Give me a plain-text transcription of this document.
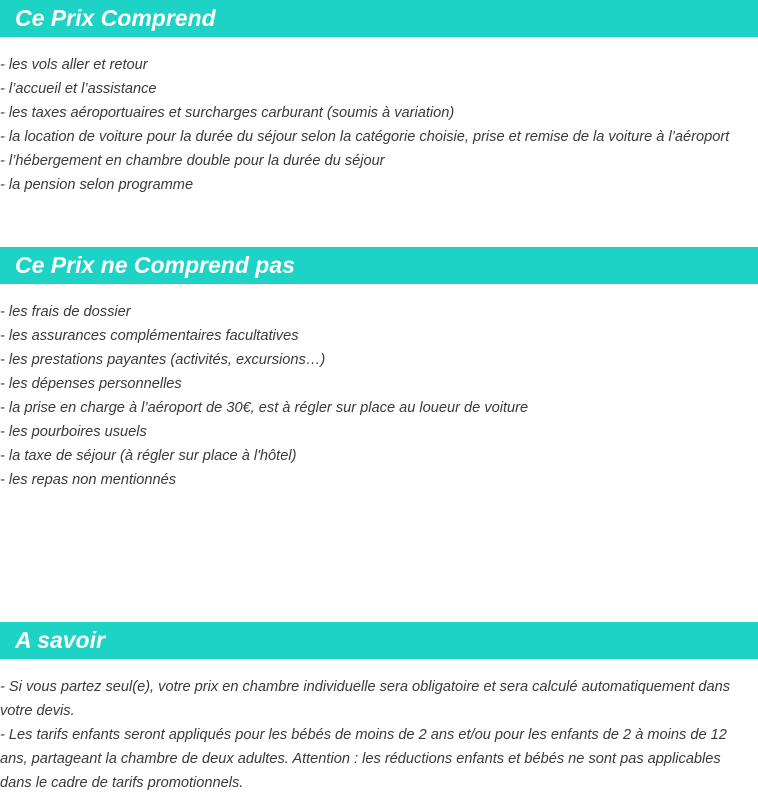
Ce Prix Comprend
- les vols aller et retour
- l’accueil et l’assistance
- les taxes aéroportuaires et surcharges carburant (soumis à variation)
- la location de voiture pour la durée du séjour selon la catégorie choisie, prise et remise de la voiture à l’aéroport
- l’hébergement en chambre double pour la durée du séjour
- la pension selon programme
Ce Prix ne Comprend pas
- les frais de dossier
- les assurances complémentaires facultatives
- les prestations payantes (activités, excursions…)
- les dépenses personnelles
- la prise en charge à l’aéroport de 30€, est à régler sur place au loueur de voiture
- les pourboires usuels
- la taxe de séjour (à régler sur place à l'hôtel)
- les repas non mentionnés
A savoir
- Si vous partez seul(e), votre prix en chambre individuelle sera obligatoire et sera calculé automatiquement dans votre devis.
- Les tarifs enfants seront appliqués pour les bébés de moins de 2 ans et/ou pour les enfants de 2 à moins de 12 ans, partageant la chambre de deux adultes. Attention : les réductions enfants et bébés ne sont pas applicables dans le cadre de tarifs promotionnels.
